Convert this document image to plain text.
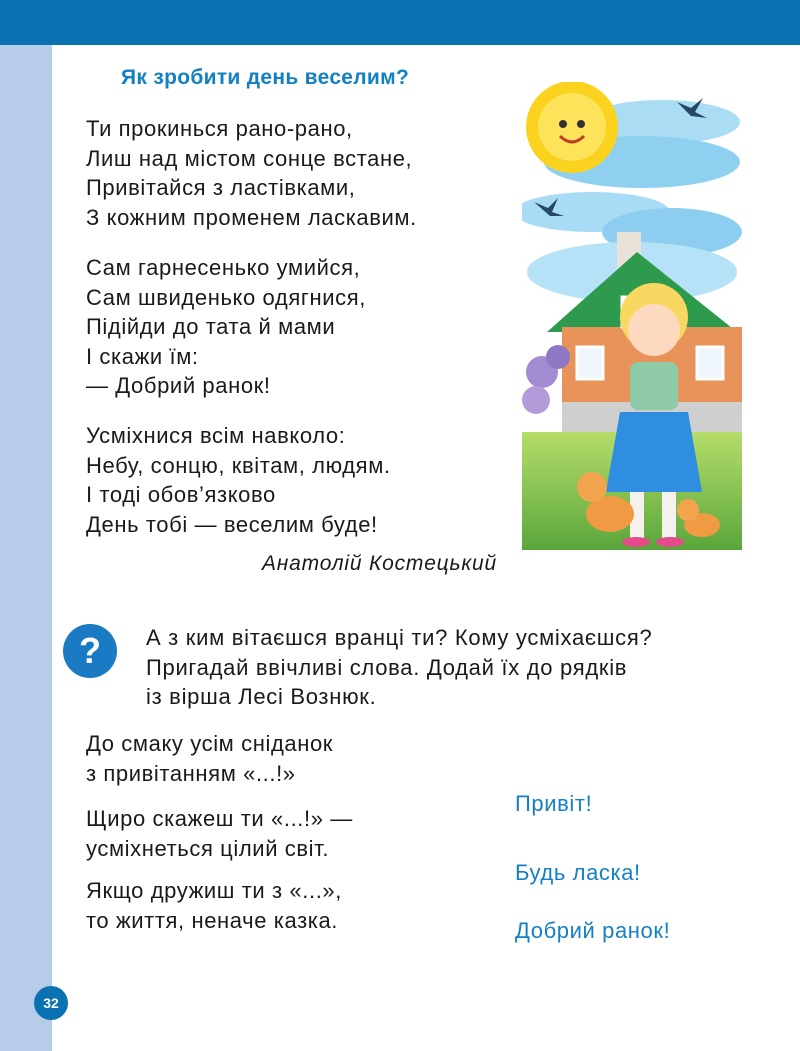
Як зробити день веселим?
Ти прокинься рано-рано,
Лиш над містом сонце встане,
Привітайся з ластівками,
З кожним променем ласкавим.
Сам гарнесенько умийся,
Сам швиденько одягнися,
Підійди до тата й мами
І скажи їм:
— Добрий ранок!
Усміхнися всім навколо:
Небу, сонцю, квітам, людям.
І тоді обов’язково
День тобі — веселим буде!
Анатолій Костецький
? А з ким вітаєшся вранці ти? Кому усміхаєшся?
Пригадай ввічливі слова. Додай їх до рядків
із вірша Лесі Вознюк.
До смаку усім сніданок
з привітанням «...!»
Щиро скажеш ти «...!» —
усміхнеться цілий світ.
Якщо дружиш ти з «...»,
то життя, неначе казка.
Привіт!
Будь ласка!
Добрий ранок!
32
